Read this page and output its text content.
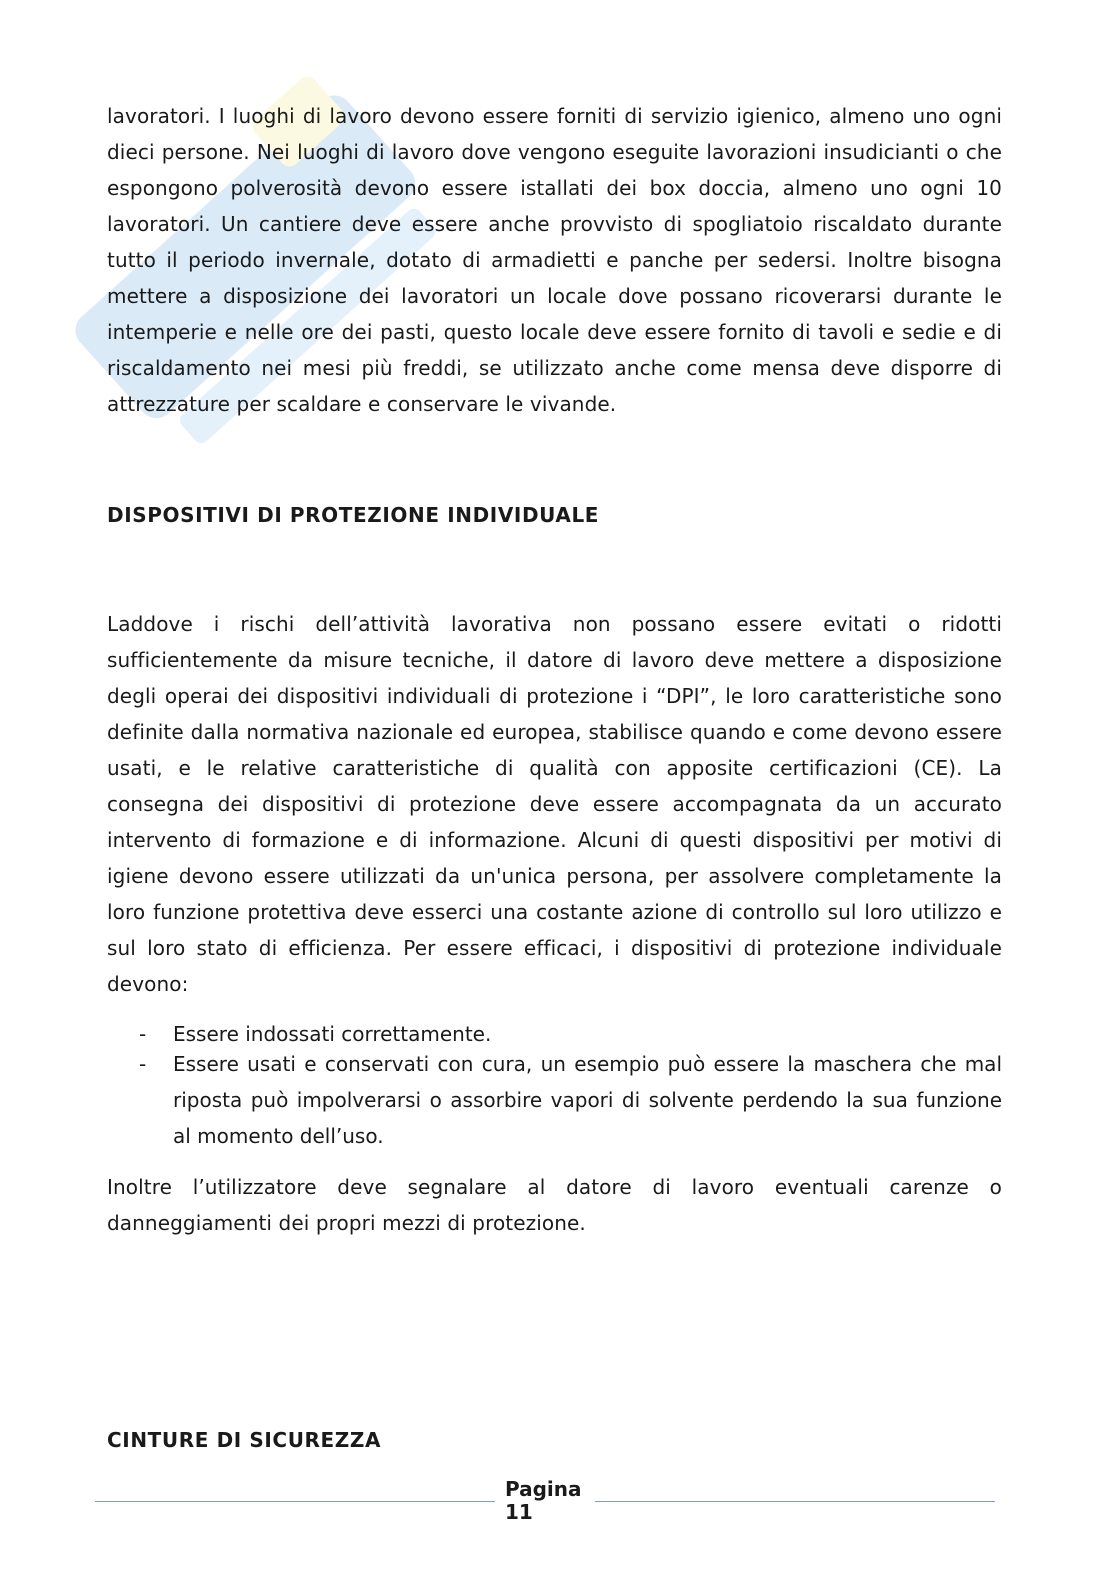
lavoratori. I luoghi di lavoro devono essere forniti di servizio igienico, almeno uno ogni dieci persone. Nei luoghi di lavoro dove vengono eseguite lavorazioni insudicianti o che espongono polverosità devono essere istallati dei box doccia, almeno uno ogni 10 lavoratori. Un cantiere deve essere anche provvisto di spogliatoio riscaldato durante tutto il periodo invernale, dotato di armadietti e panche per sedersi. Inoltre bisogna mettere a disposizione dei lavoratori un locale dove possano ricoverarsi durante le intemperie e nelle ore dei pasti, questo locale deve essere fornito di tavoli e sedie e di riscaldamento nei mesi più freddi, se utilizzato anche come mensa deve disporre di attrezzature per scaldare e conservare le vivande.

DISPOSITIVI DI PROTEZIONE INDIVIDUALE

Laddove i rischi dell’attività lavorativa non possano essere evitati o ridotti sufficientemente da misure tecniche, il datore di lavoro deve mettere a disposizione degli operai dei dispositivi individuali di protezione i “DPI”, le loro caratteristiche sono definite dalla normativa nazionale ed europea, stabilisce quando e come devono essere usati, e le relative caratteristiche di qualità con apposite certificazioni (CE). La consegna dei dispositivi di protezione deve essere accompagnata da un accurato intervento di formazione e di informazione. Alcuni di questi dispositivi per motivi di igiene devono essere utilizzati da un'unica persona, per assolvere completamente la loro funzione protettiva deve esserci una costante azione di controllo sul loro utilizzo e sul loro stato di efficienza. Per essere efficaci, i dispositivi di protezione individuale devono:

- Essere indossati correttamente.
- Essere usati e conservati con cura, un esempio può essere la maschera che mal riposta può impolverarsi o assorbire vapori di solvente perdendo la sua funzione al momento dell’uso.

Inoltre l’utilizzatore deve segnalare al datore di lavoro eventuali carenze o danneggiamenti dei propri mezzi di protezione.

CINTURE DI SICUREZZA
Pagina
11
